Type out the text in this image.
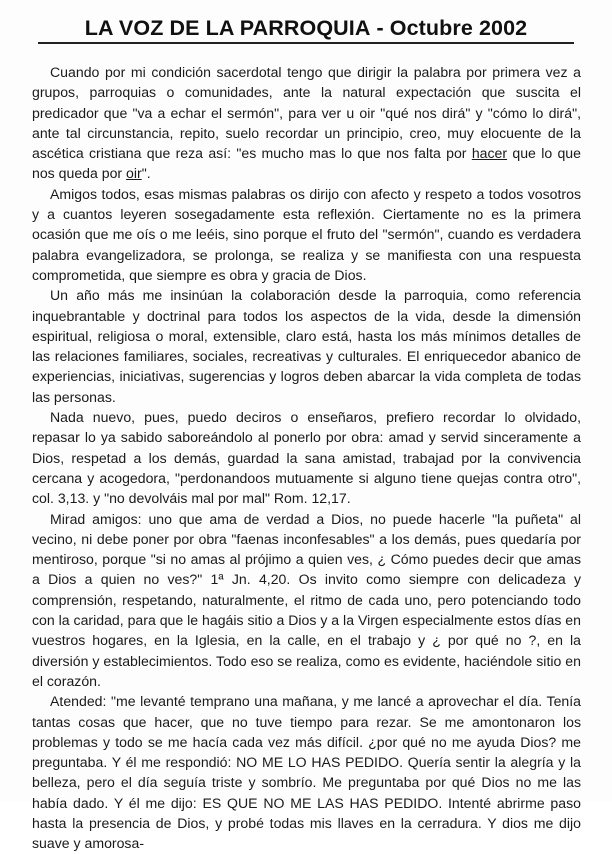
LA VOZ DE LA PARROQUIA - Octubre 2002

Cuando por mi condición sacerdotal tengo que dirigir la palabra por primera vez a grupos, parroquias o comunidades, ante la natural expectación que suscita el predicador que "va a echar el sermón", para ver u oir "qué nos dirá" y "cómo lo dirá", ante tal circunstancia, repito, suelo recordar un principio, creo, muy elocuente de la ascética cristiana que reza así: "es mucho mas lo que nos falta por hacer que lo que nos queda por oir".

Amigos todos, esas mismas palabras os dirijo con afecto y respeto a todos vosotros y a cuantos leyeren sosegadamente esta reflexión. Ciertamente no es la primera ocasión que me oís o me leéis, sino porque el fruto del "sermón", cuando es verdadera palabra evangelizadora, se prolonga, se realiza y se manifiesta con una respuesta comprometida, que siempre es obra y gracia de Dios.

Un año más me insinúan la colaboración desde la parroquia, como referencia inquebrantable y doctrinal para todos los aspectos de la vida, desde la dimensión espiritual, religiosa o moral, extensible, claro está, hasta los más mínimos detalles de las relaciones familiares, sociales, recreativas y culturales. El enriquecedor abanico de experiencias, iniciativas, sugerencias y logros deben abarcar la vida completa de todas las personas.

Nada nuevo, pues, puedo deciros o enseñaros, prefiero recordar lo olvidado, repasar lo ya sabido saboreándolo al ponerlo por obra: amad y servid sinceramente a Dios, respetad a los demás, guardad la sana amistad, trabajad por la convivencia cercana y acogedora, "perdonandoos mutuamente si alguno tiene quejas contra otro", col. 3,13. y "no devolváis mal por mal" Rom. 12,17.

Mirad amigos: uno que ama de verdad a Dios, no puede hacerle "la puñeta" al vecino, ni debe poner por obra "faenas inconfesables" a los demás, pues quedaría por mentiroso, porque "si no amas al prójimo a quien ves, ¿ Cómo puedes decir que amas a Dios a quien no ves?" 1ª Jn. 4,20. Os invito como siempre con delicadeza y comprensión, respetando, naturalmente, el ritmo de cada uno, pero potenciando todo con la caridad, para que le hagáis sitio a Dios y a la Virgen especialmente estos días en vuestros hogares, en la Iglesia, en la calle, en el trabajo y ¿ por qué no ?, en la diversión y establecimientos. Todo eso se realiza, como es evidente, haciéndole sitio en el corazón.

Atended: "me levanté temprano una mañana, y me lancé a aprovechar el día. Tenía tantas cosas que hacer, que no tuve tiempo para rezar. Se me amontonaron los problemas y todo se me hacía cada vez más difícil. ¿por qué no me ayuda Dios? me preguntaba. Y él me respondió: NO ME LO HAS PEDIDO. Quería sentir la alegría y la belleza, pero el día seguía triste y sombrío. Me preguntaba por qué Dios no me las había dado. Y él me dijo: ES QUE NO ME LAS HAS PEDIDO. Intenté abrirme paso hasta la presencia de Dios, y probé todas mis llaves en la cerradura. Y dios me dijo suave y amorosa-
